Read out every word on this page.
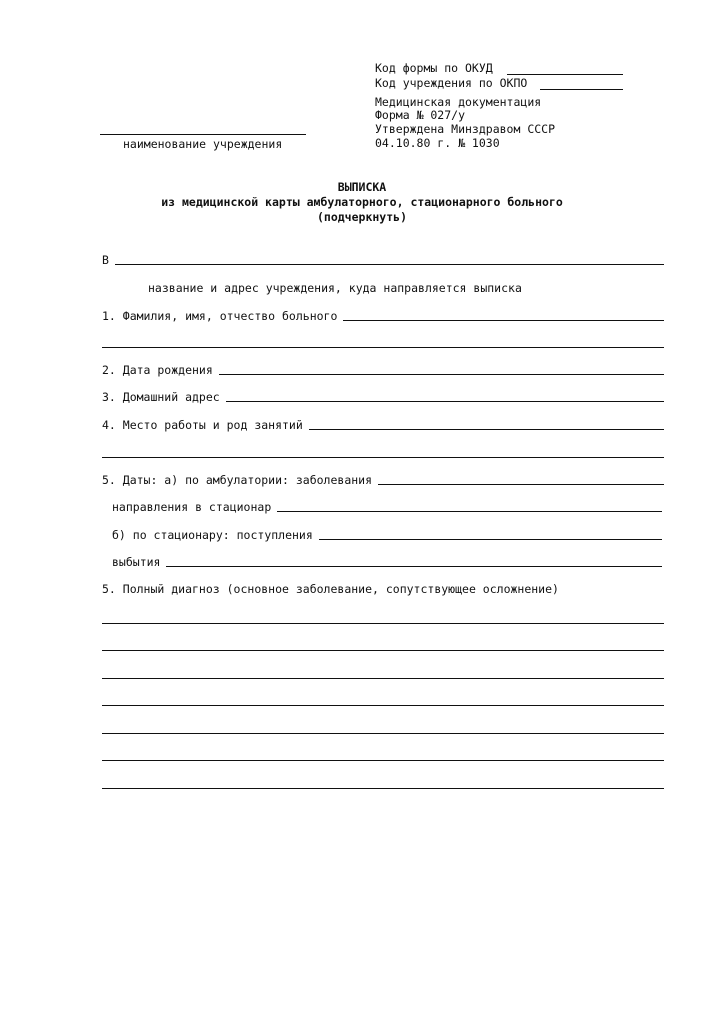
Код формы по ОКУД
Код учреждения по ОКПО
Медицинская документация
Форма № 027/у
Утверждена Минздравом СССР
04.10.80 г. № 1030
наименование учреждения
ВЫПИСКА
из медицинской карты амбулаторного, стационарного больного
(подчеркнуть)
В
название и адрес учреждения, куда направляется выписка
1. Фамилия, имя, отчество больного
2. Дата рождения
3. Домашний адрес
4. Место работы и род занятий
5. Даты: а) по амбулатории: заболевания
направления в стационар
б) по стационару: поступления
выбытия
5. Полный диагноз (основное заболевание, сопутствующее осложнение)
